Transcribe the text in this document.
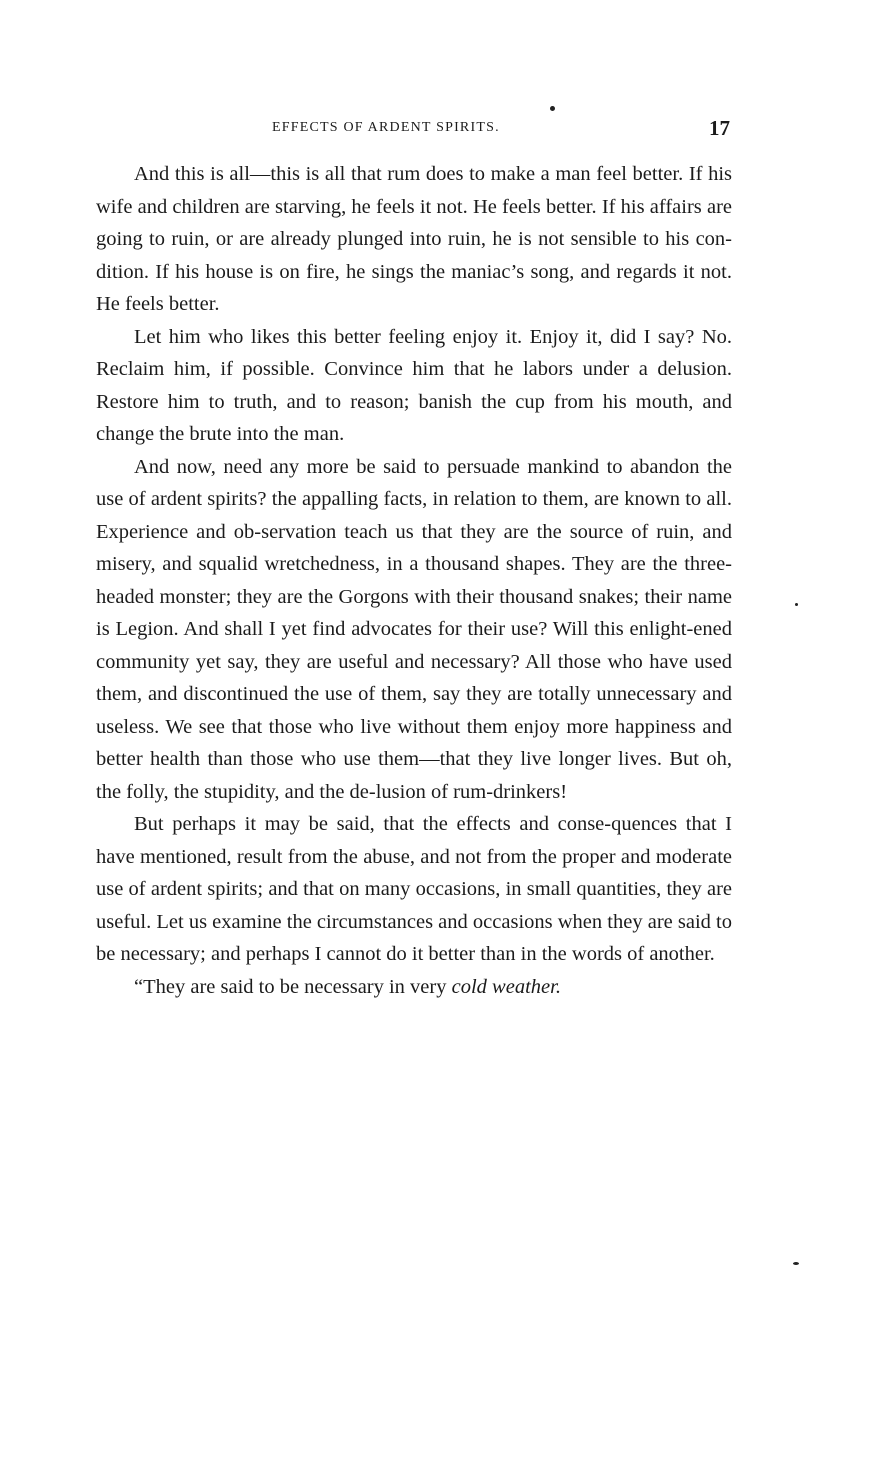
EFFECTS OF ARDENT SPIRITS.	17

And this is all—this is all that rum does to make a man feel better. If his wife and children are starving, he feels it not. He feels better. If his affairs are going to ruin, or are already plunged into ruin, he is not sensible to his con-dition. If his house is on fire, he sings the maniac’s song, and regards it not. He feels better.

Let him who likes this better feeling enjoy it. Enjoy it, did I say? No. Reclaim him, if possible. Convince him that he labors under a delusion. Restore him to truth, and to reason; banish the cup from his mouth, and change the brute into the man.

And now, need any more be said to persuade mankind to abandon the use of ardent spirits? the appalling facts, in relation to them, are known to all. Experience and ob-servation teach us that they are the source of ruin, and misery, and squalid wretchedness, in a thousand shapes. They are the three-headed monster; they are the Gorgons with their thousand snakes; their name is Legion. And shall I yet find advocates for their use? Will this enlight-ened community yet say, they are useful and necessary? All those who have used them, and discontinued the use of them, say they are totally unnecessary and useless. We see that those who live without them enjoy more happiness and better health than those who use them—that they live longer lives. But oh, the folly, the stupidity, and the de-lusion of rum-drinkers!

But perhaps it may be said, that the effects and conse-quences that I have mentioned, result from the abuse, and not from the proper and moderate use of ardent spirits; and that on many occasions, in small quantities, they are useful. Let us examine the circumstances and occasions when they are said to be necessary; and perhaps I cannot do it better than in the words of another.

“They are said to be necessary in very cold weather.
